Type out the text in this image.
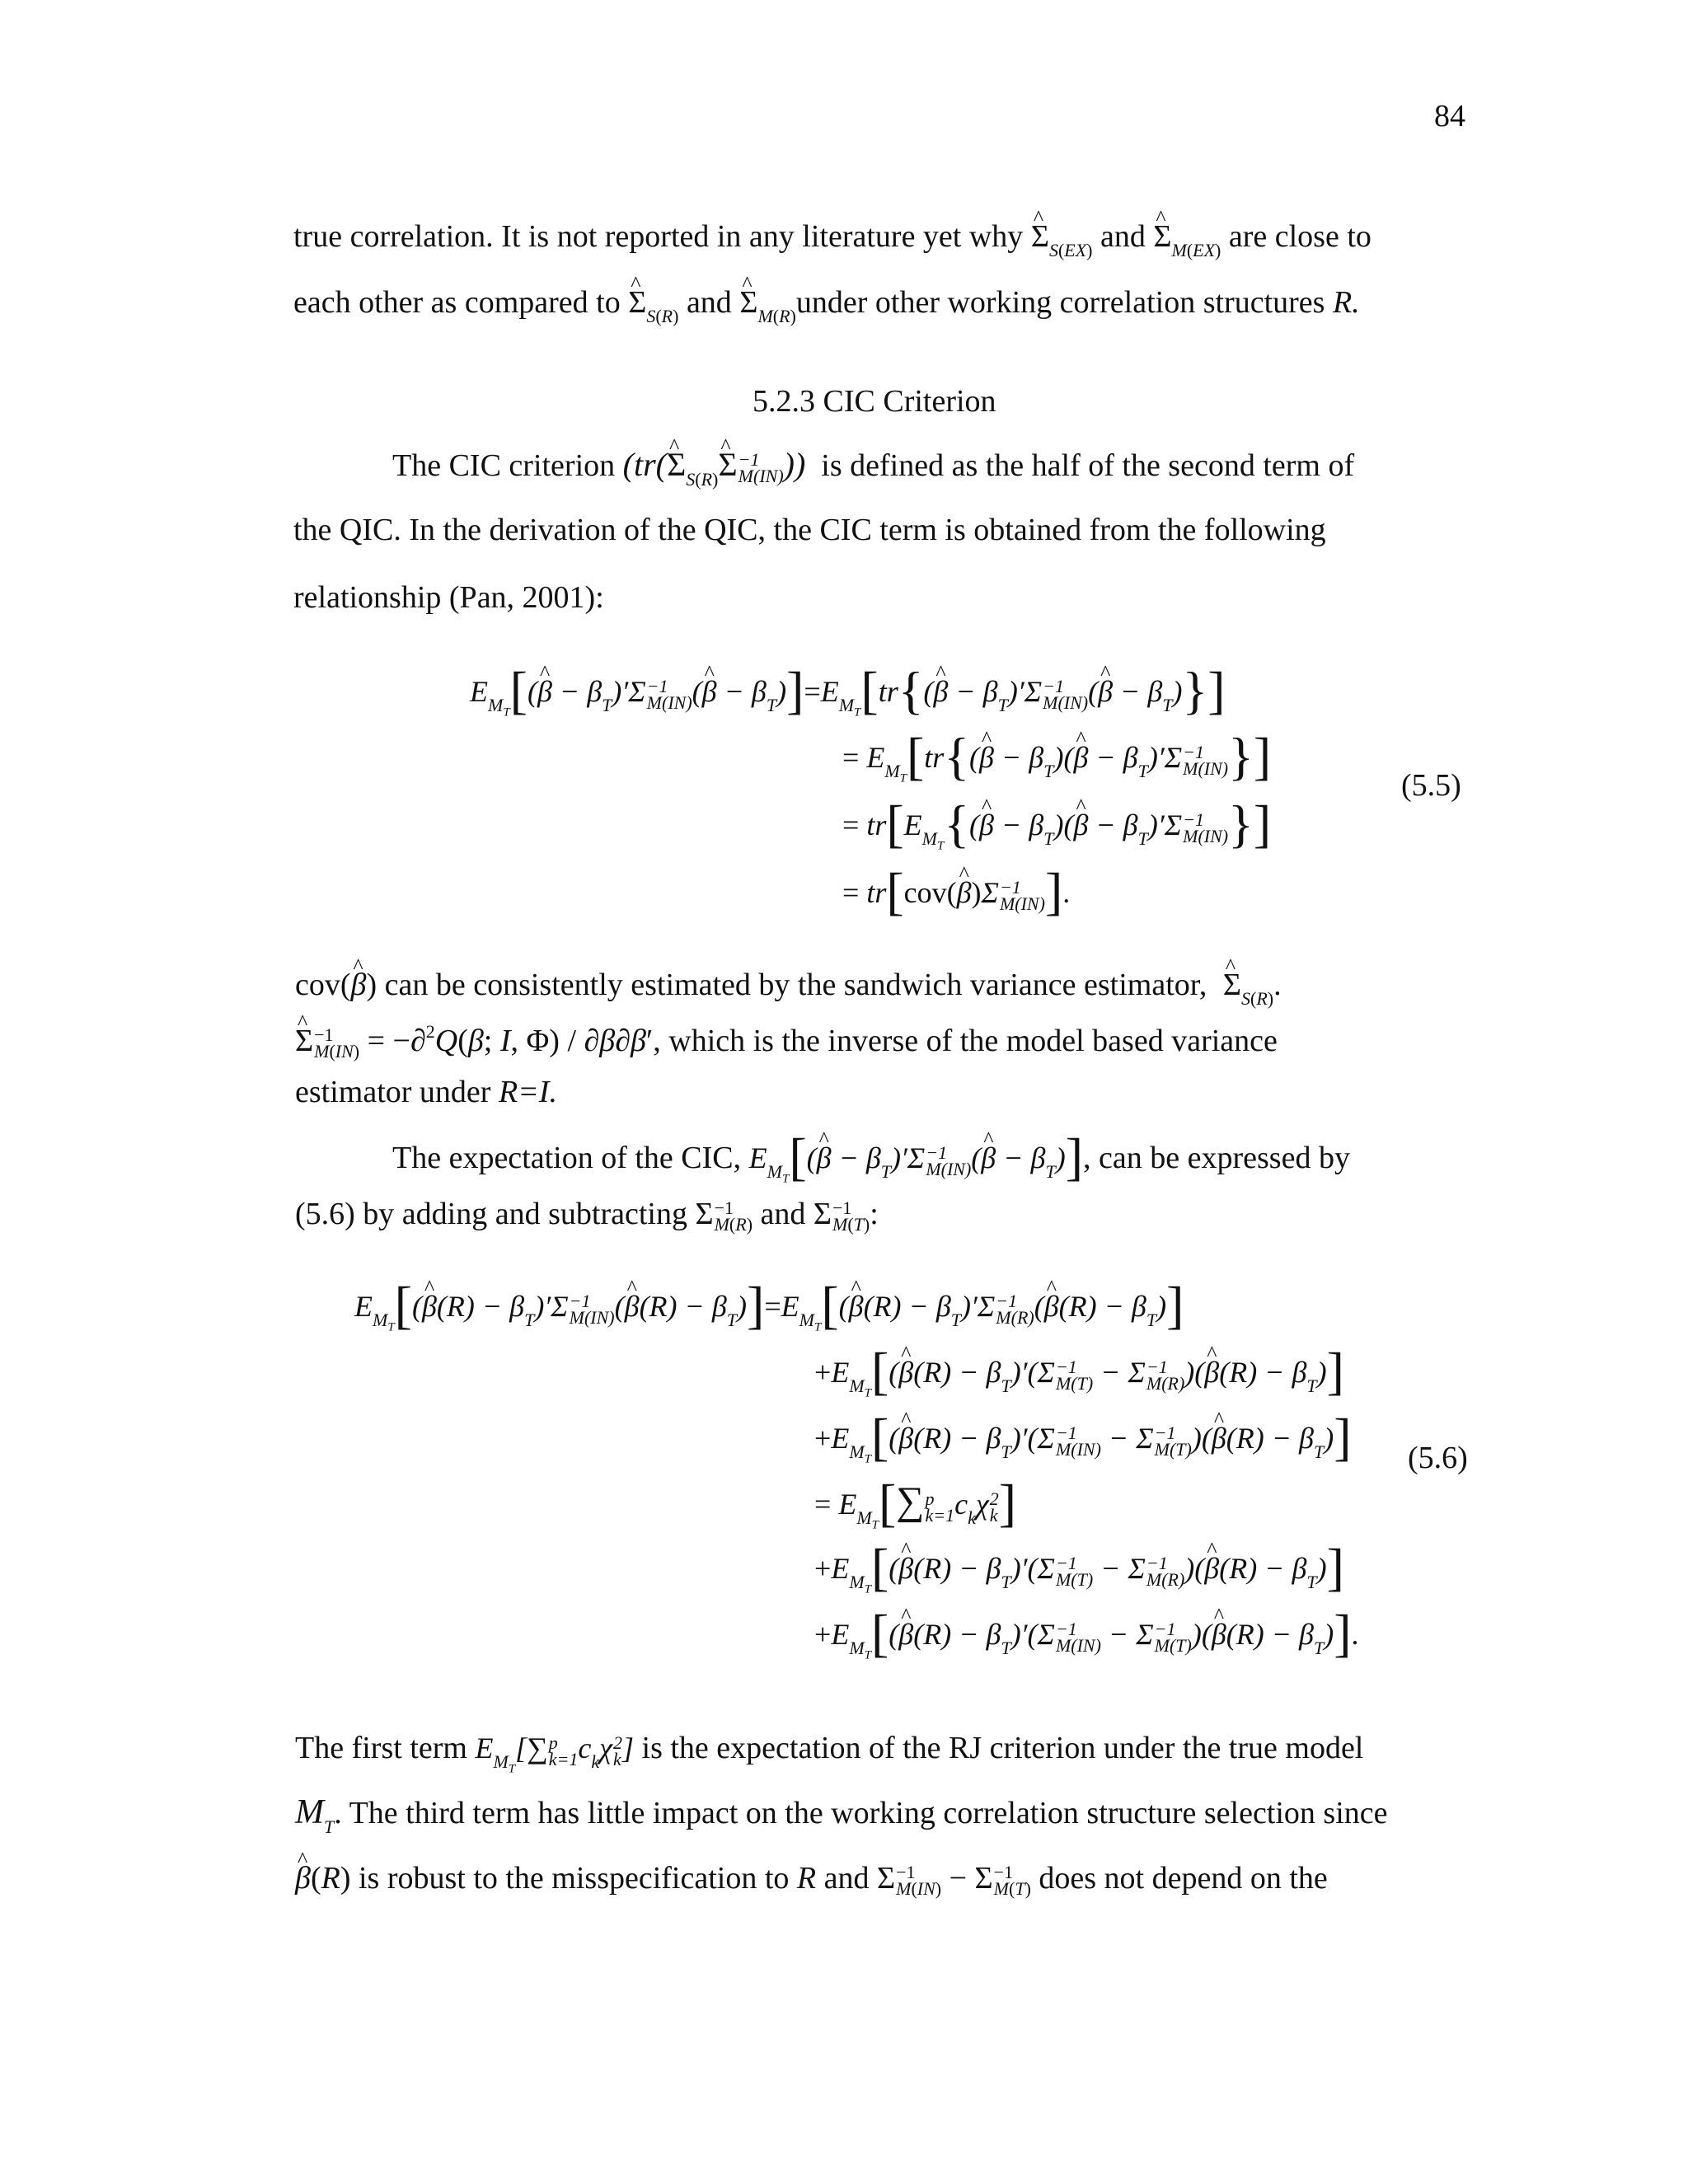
84
true correlation. It is not reported in any literature yet why ^ $\Sigma_{S(EX)}$ and ^ $\Sigma_{M(EX)}$ are close to
each other as compared to ^ $\Sigma_{S(R)}$ and ^ $\Sigma_{M(R)}under$ other working correlation structures R.
5.2.3 CIC Criterion
The CIC criterion (tr(^ $\Sigma_{S(R)}\^{}$ Σ −1
M(IN) )) is defined as the half of the second term of
the QIC. In the derivation of the QIC, the CIC term is obtained from the following
relationship (Pan, 2001):
$E_{M_T}[(\^{}$ $\beta - \beta_T)'\Sigma -1$
M(IN) (^ $\beta - \beta_T)]=E_{M_T}[tr\{(\^{}$ $\beta - \beta_T)'\Sigma -1$
M(IN) (^ $\beta - \beta_T$)}]
= $E_{M_T}[tr\{(\^{}$ $\beta - \beta_T)(\^{}$ $\beta - \beta_T)'\Sigma -1$
M(IN) }]	(5.5)
= $tr[E_{M_T}\{(\^{}$ $\beta - \beta_T)(\^{}$ $\beta - \beta_T)'\Sigma -1$
M(IN) }]
= tr[cov(^ β)Σ −1
M(IN) ].
cov(^ β) can be consistently estimated by the sandwich variance estimator, ^ $\Sigma_{S(R)}$.
^ Σ −1
M(IN) = −∂$^2$Q(β; I, Φ) / ∂β∂β′, which is the inverse of the model based variance
estimator under R=I.
The expectation of the CIC, $E_{M_T}[(\^{}$ $\beta - \beta_T)'\Sigma -1$
M(IN) (^ $\beta - \beta_T$)], can be expressed by
(5.6) by adding and subtracting Σ −1
M(R) and Σ −1
M(T) :
$E_{M_T}[(\^{}$ $\beta(R) - \beta_T)'\Sigma -1$
M(IN) (^ $\beta(R) - \beta_T)]=E_{M_T}[(\^{}$ $\beta(R) - \beta_T)'\Sigma -1$
M(R) (^ $\beta(R) - \beta_T$)]
$+E_{M_T}[(\^{}$ $\beta(R) - \beta_T)'(\Sigma -1$
M(T) − Σ −1
M(R) )(^ $\beta(R) - \beta_T$)]
$+E_{M_T}[(\^{}$ $\beta(R) - \beta_T)'(\Sigma -1$
M(IN) − Σ −1
M(T) )(^ $\beta(R) - \beta_T$)] (5.6)
= $E_{M_T}[\sum$ p
k=1 $c_k\chi$ 2
k ]
$+E_{M_T}[(\^{}$ $\beta(R) - \beta_T)'(\Sigma -1$
M(T) − Σ −1
M(R) )(^ $\beta(R) - \beta_T$)]
$+E_{M_T}[(\^{}$ $\beta(R) - \beta_T)'(\Sigma -1$
M(IN) − Σ −1
M(T) )(^ $\beta(R) - \beta_T$)].
The first term $E_{M_T}[\sum$ p
k=1 $c_k\chi$ 2
k ] is the expectation of the RJ criterion under the true model
$M_T$. The third term has little impact on the working correlation structure selection since
^ β(R) is robust to the misspecification to R and Σ −1
M(IN) − Σ −1
M(T) does not depend on the
